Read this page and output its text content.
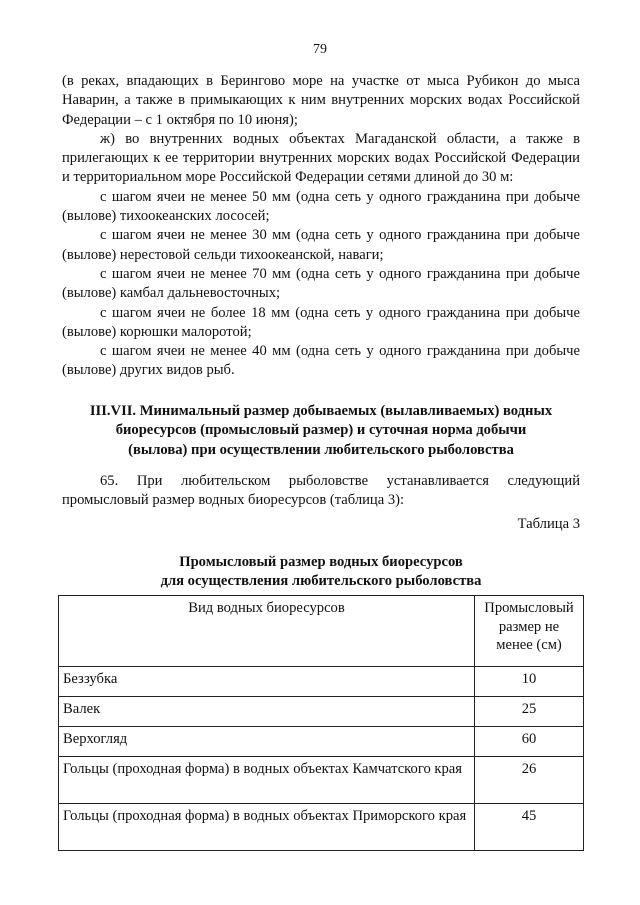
79

(в реках, впадающих в Берингово море на участке от мыса Рубикон до мыса Наварин, а также в примыкающих к ним внутренних морских водах Российской Федерации – с 1 октября по 10 июня);

ж) во внутренних водных объектах Магаданской области, а также в прилегающих к ее территории внутренних морских водах Российской Федерации и территориальном море Российской Федерации сетями длиной до 30 м:

с шагом ячеи не менее 50 мм (одна сеть у одного гражданина при добыче (вылове) тихоокеанских лососей;

с шагом ячеи не менее 30 мм (одна сеть у одного гражданина при добыче (вылове) нерестовой сельди тихоокеанской, наваги;

с шагом ячеи не менее 70 мм (одна сеть у одного гражданина при добыче (вылове) камбал дальневосточных;

с шагом ячеи не более 18 мм (одна сеть у одного гражданина при добыче (вылове) корюшки малоротой;

с шагом ячеи не менее 40 мм (одна сеть у одного гражданина при добыче (вылове) других видов рыб.

III.VII. Минимальный размер добываемых (вылавливаемых) водных

биоресурсов (промысловый размер) и суточная норма добычи

(вылова) при осуществлении любительского рыболовства

65. При любительском рыболовстве устанавливается следующий

промысловый размер водных биоресурсов (таблица 3):

Таблица 3

Промысловый размер водных биоресурсов

для осуществления любительского рыболовства

Вид водных биоресурсов	Промысловый размер не менее (см)
Беззубка	10
Валек	25
Верхогляд	60
Гольцы (проходная форма) в водных объектах Камчатского края	26
Гольцы (проходная форма) в водных объектах Приморского края	45
